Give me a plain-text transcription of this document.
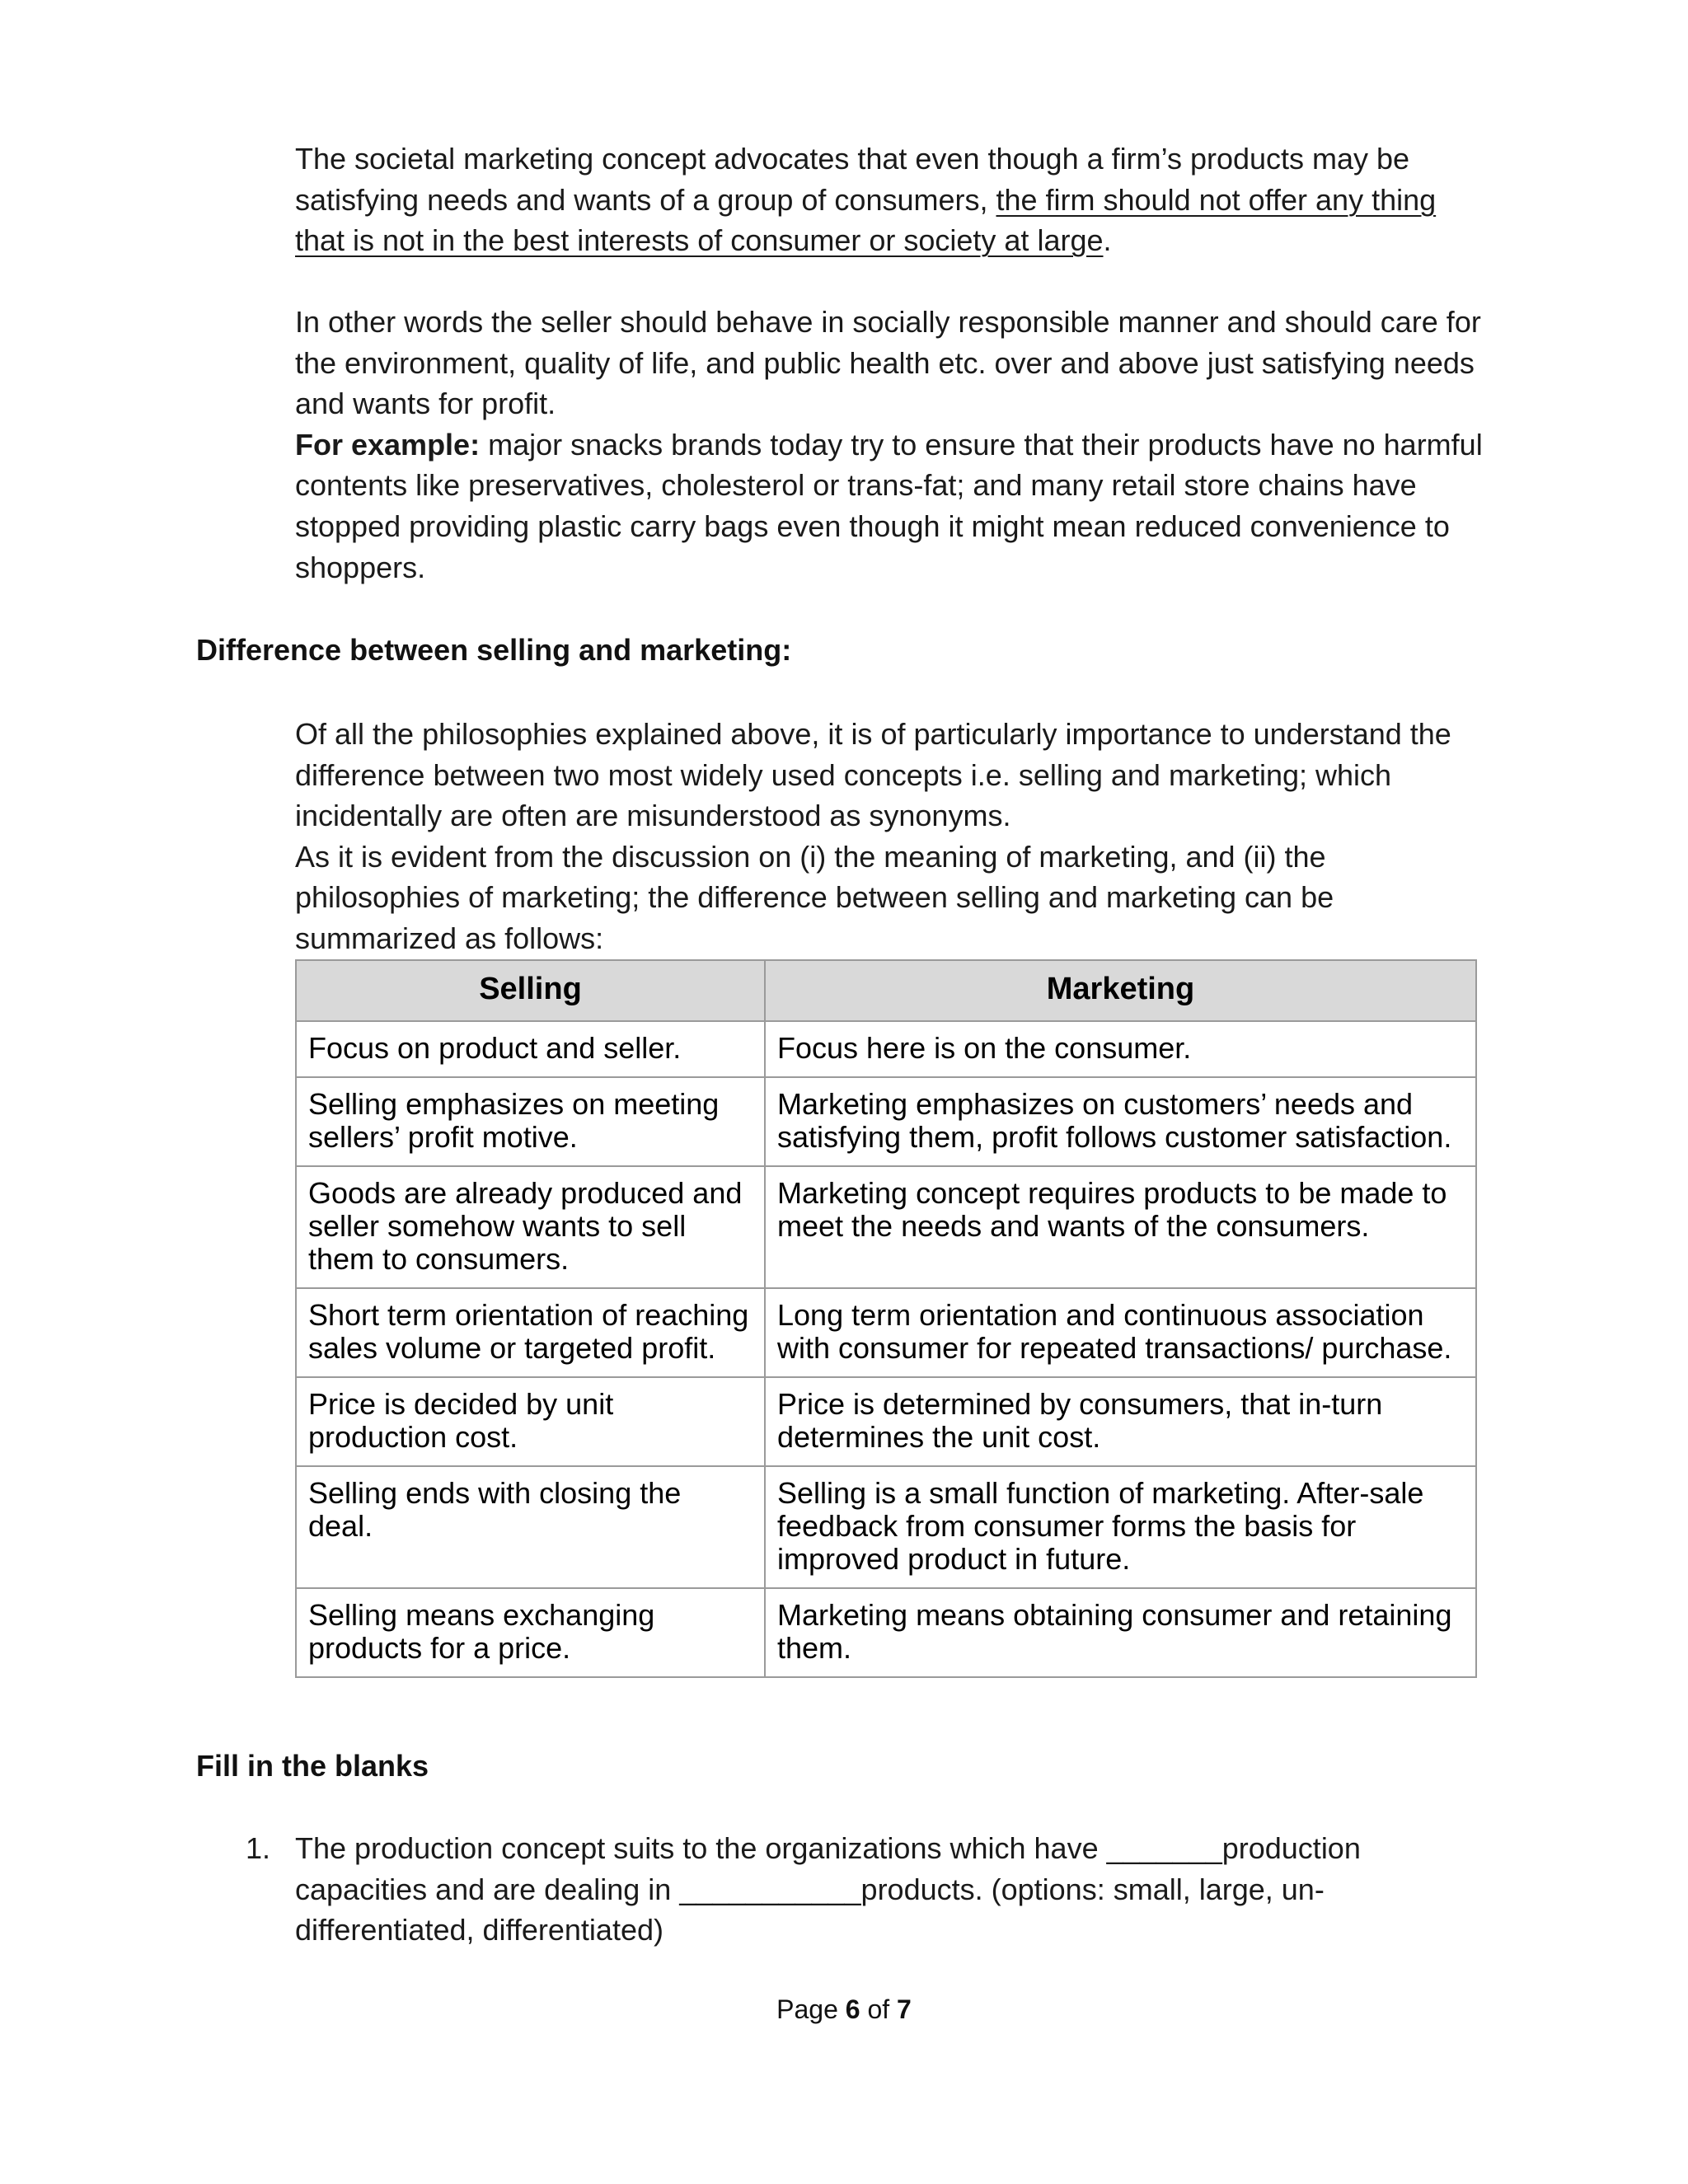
The societal marketing concept advocates that even though a firm’s products may be satisfying needs and wants of a group of consumers, the firm should not offer any thing that is not in the best interests of consumer or society at large.

In other words the seller should behave in socially responsible manner and should care for the environment, quality of life, and public health etc. over and above just satisfying needs and wants for profit.
For example: major snacks brands today try to ensure that their products have no harmful contents like preservatives, cholesterol or trans-fat; and many retail store chains have stopped providing plastic carry bags even though it might mean reduced convenience to shoppers.

Difference between selling and marketing:

Of all the philosophies explained above, it is of particularly importance to understand the difference between two most widely used concepts i.e. selling and marketing; which incidentally are often are misunderstood as synonyms.
As it is evident from the discussion on (i) the meaning of marketing, and (ii) the philosophies of marketing; the difference between selling and marketing can be summarized as follows:

Selling	Marketing
Focus on product and seller.	Focus here is on the consumer.
Selling emphasizes on meeting sellers’ profit motive.	Marketing emphasizes on customers’ needs and satisfying them, profit follows customer satisfaction.
Goods are already produced and seller somehow wants to sell them to consumers.	Marketing concept requires products to be made to meet the needs and wants of the consumers.
Short term orientation of reaching sales volume or targeted profit.	Long term orientation and continuous association with consumer for repeated transactions/ purchase.
Price is decided by unit production cost.	Price is determined by consumers, that in-turn determines the unit cost.
Selling ends with closing the deal.	Selling is a small function of marketing. After-sale feedback from consumer forms the basis for improved product in future.
Selling means exchanging products for a price.	Marketing means obtaining consumer and retaining them.
Fill in the blanks
1. The production concept suits to the organizations which have _______production capacities and are dealing in ___________products. (options: small, large, un-differentiated, differentiated)
Page 6 of 7
